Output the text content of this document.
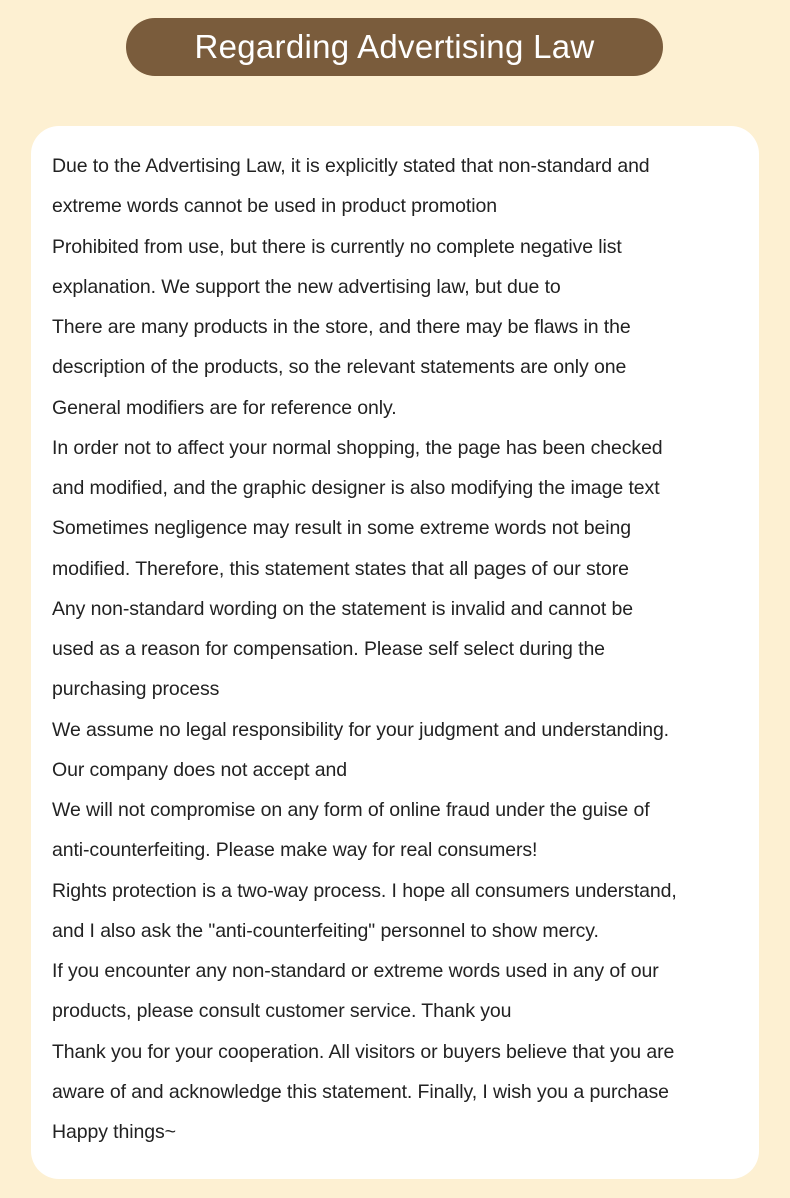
Regarding Advertising Law
Due to the Advertising Law, it is explicitly stated that non-standard and
extreme words cannot be used in product promotion
Prohibited from use, but there is currently no complete negative list
explanation. We support the new advertising law, but due to
There are many products in the store, and there may be flaws in the
description of the products, so the relevant statements are only one
General modifiers are for reference only.
In order not to affect your normal shopping, the page has been checked
and modified, and the graphic designer is also modifying the image text
Sometimes negligence may result in some extreme words not being
modified. Therefore, this statement states that all pages of our store
Any non-standard wording on the statement is invalid and cannot be
used as a reason for compensation. Please self select during the
purchasing process
We assume no legal responsibility for your judgment and understanding.
Our company does not accept and
We will not compromise on any form of online fraud under the guise of
anti-counterfeiting. Please make way for real consumers!
Rights protection is a two-way process. I hope all consumers understand,
and I also ask the "anti-counterfeiting" personnel to show mercy.
If you encounter any non-standard or extreme words used in any of our
products, please consult customer service. Thank you
Thank you for your cooperation. All visitors or buyers believe that you are
aware of and acknowledge this statement. Finally, I wish you a purchase
Happy things~
